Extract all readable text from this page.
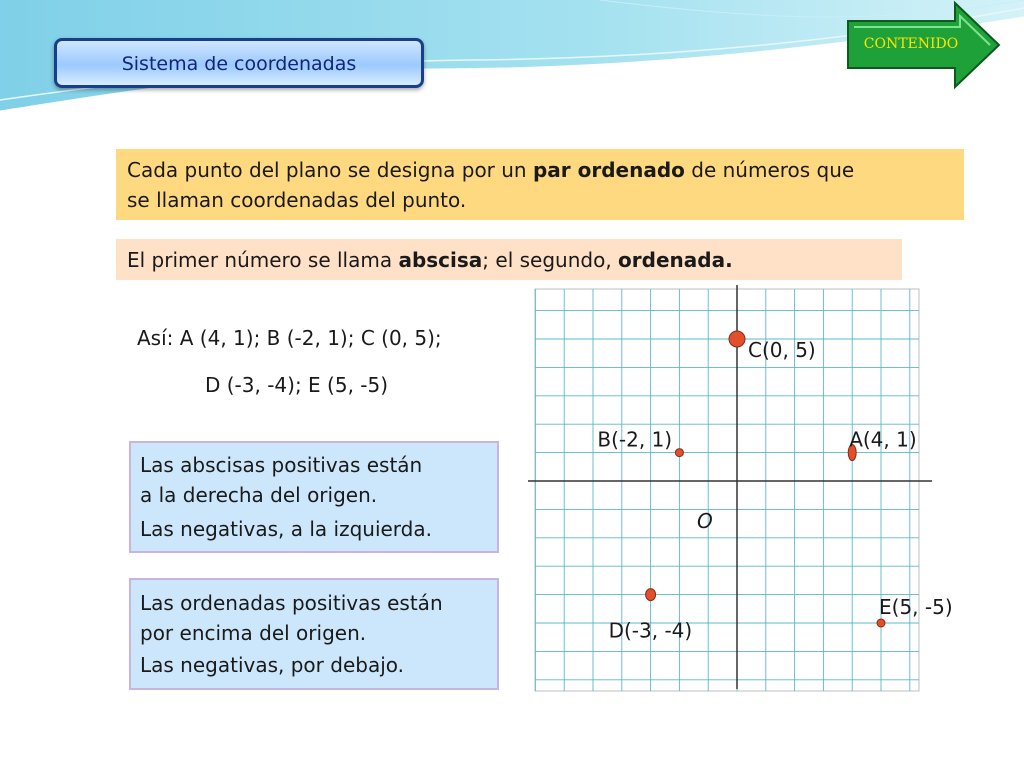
Sistema de coordenadas
CONTENIDO
Cada punto del plano se designa por un par ordenado de números que
se llaman coordenadas del punto.
El primer número se llama abscisa; el segundo, ordenada.
Así: A (4, 1); B (-2, 1); C (0, 5);
D (-3, -4); E (5, -5)
Las abscisas positivas están
a la derecha del origen.
Las negativas, a la izquierda.
Las ordenadas positivas están
por encima del origen.
Las negativas, por debajo.
O
A(4, 1)
B(-2, 1)
C(0, 5)
D(-3, -4)
E(5, -5)
